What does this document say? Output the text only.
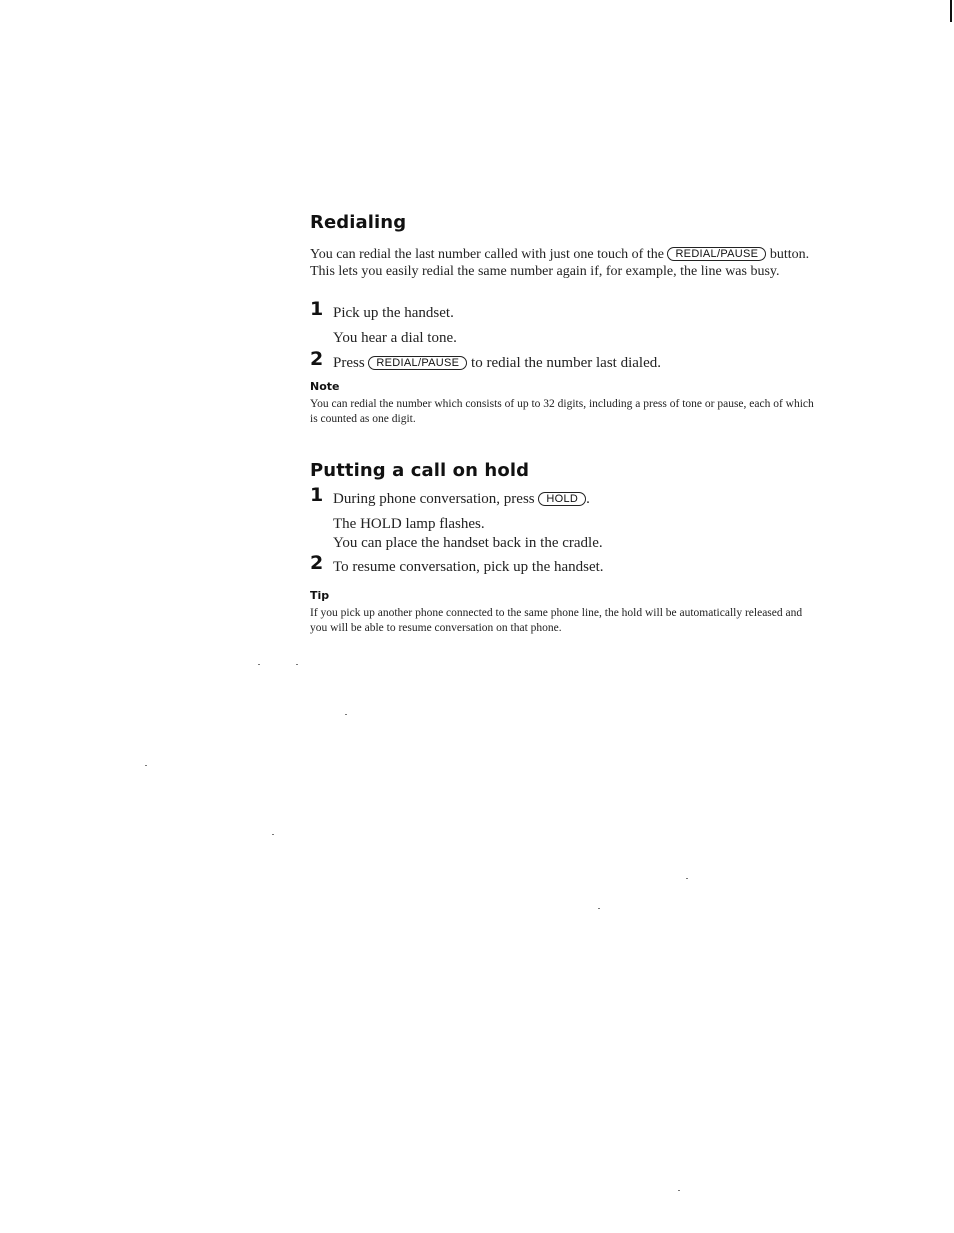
Redialing

You can redial the last number called with just one touch of the REDIAL/PAUSE button. This lets you easily redial the same number again if, for example, the line was busy.

1 Pick up the handset.
You hear a dial tone.
2 Press REDIAL/PAUSE to redial the number last dialed.

Note

You can redial the number which consists of up to 32 digits, including a press of tone or pause, each of which is counted as one digit.

Putting a call on hold
1 During phone conversation, press HOLD .
The HOLD lamp flashes.
You can place the handset back in the cradle.
2 To resume conversation, pick up the handset.

Tip

If you pick up another phone connected to the same phone line, the hold will be automatically released and you will be able to resume conversation on that phone.
